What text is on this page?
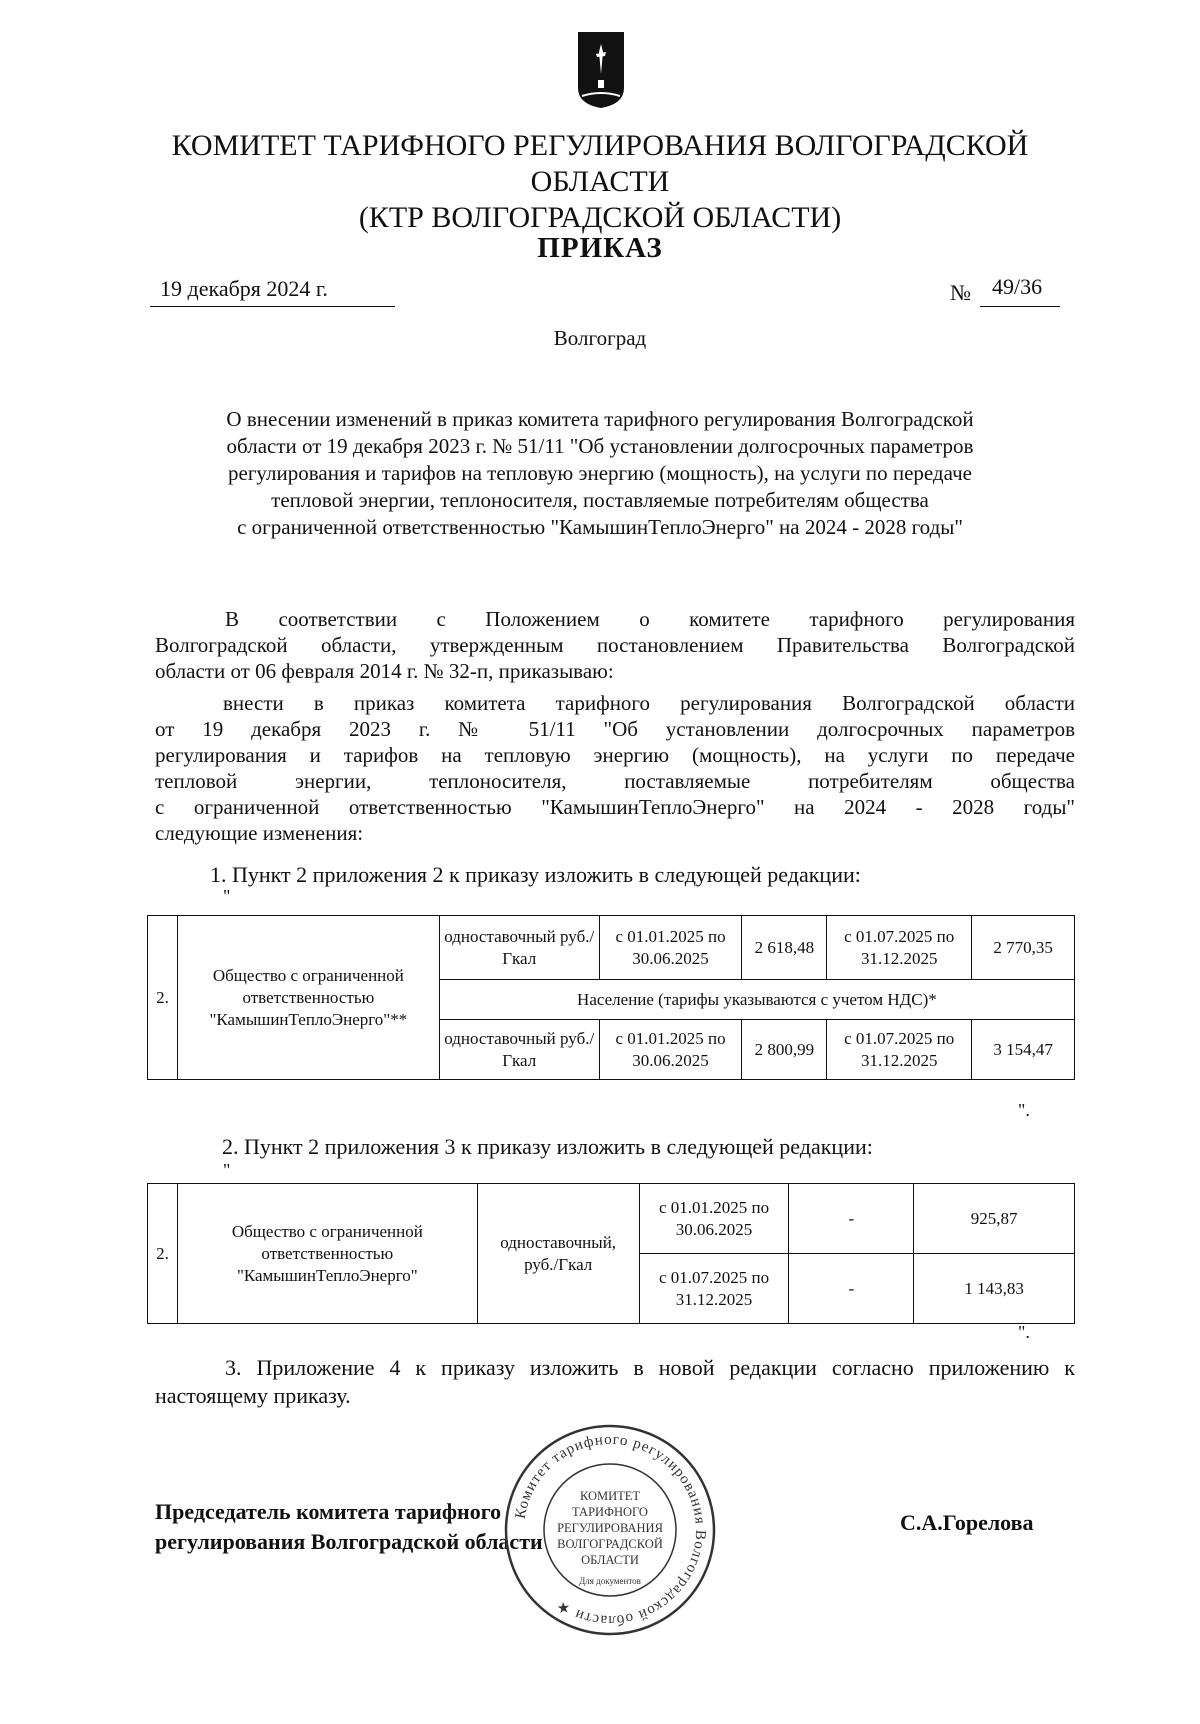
КОМИТЕТ ТАРИФНОГО РЕГУЛИРОВАНИЯ ВОЛГОГРАДСКОЙ ОБЛАСТИ
(КТР ВОЛГОГРАДСКОЙ ОБЛАСТИ)
ПРИКАЗ
19 декабря 2024 г.	№ 49/36
Волгоград
О внесении изменений в приказ комитета тарифного регулирования Волгоградской
области от 19 декабря 2023 г. № 51/11 "Об установлении долгосрочных параметров
регулирования и тарифов на тепловую энергию (мощность), на услуги по передаче
тепловой энергии, теплоносителя, поставляемые потребителям общества
с ограниченной ответственностью "КамышинТеплоЭнерго" на 2024 - 2028 годы"
В соответствии с Положением о комитете тарифного регулирования
Волгоградской области, утвержденным постановлением Правительства Волгоградской
области от 06 февраля 2014 г. № 32-п, приказываю:
внести в приказ комитета тарифного регулирования Волгоградской области
от 19 декабря 2023 г. № 51/11 "Об установлении долгосрочных параметров
регулирования и тарифов на тепловую энергию (мощность), на услуги по передаче
тепловой энергии, теплоносителя, поставляемые потребителям общества
с ограниченной ответственностью "КамышинТеплоЭнерго" на 2024 - 2028 годы"
следующие изменения:
1. Пункт 2 приложения 2 к приказу изложить в следующей редакции:
"
2.	Общество с ограниченной ответственностью "КамышинТеплоЭнерго"**	одноставочный руб./Гкал	с 01.01.2025 по 30.06.2025	2 618,48	с 01.07.2025 по 31.12.2025	2 770,35
		Население (тарифы указываются с учетом НДС)*				
		одноставочный руб./Гкал	с 01.01.2025 по 30.06.2025	2 800,99	с 01.07.2025 по 31.12.2025	3 154,47
".
2. Пункт 2 приложения 3 к приказу изложить в следующей редакции:
"
2.	Общество с ограниченной ответственностью "КамышинТеплоЭнерго"	одноставочный, руб./Гкал	с 01.01.2025 по 30.06.2025	-	925,87
			с 01.07.2025 по 31.12.2025	-	1 143,83
".
3. Приложение 4 к приказу изложить в новой редакции согласно приложению к настоящему приказу.
Председатель комитета тарифного
регулирования Волгоградской области
С.А.Горелова
Комитет тарифного регулирования Волгоградской области ★
КОМИТЕТ
ТАРИФНОГО
РЕГУЛИРОВАНИЯ
ВОЛГОГРАДСКОЙ
ОБЛАСТИ
Для документов
